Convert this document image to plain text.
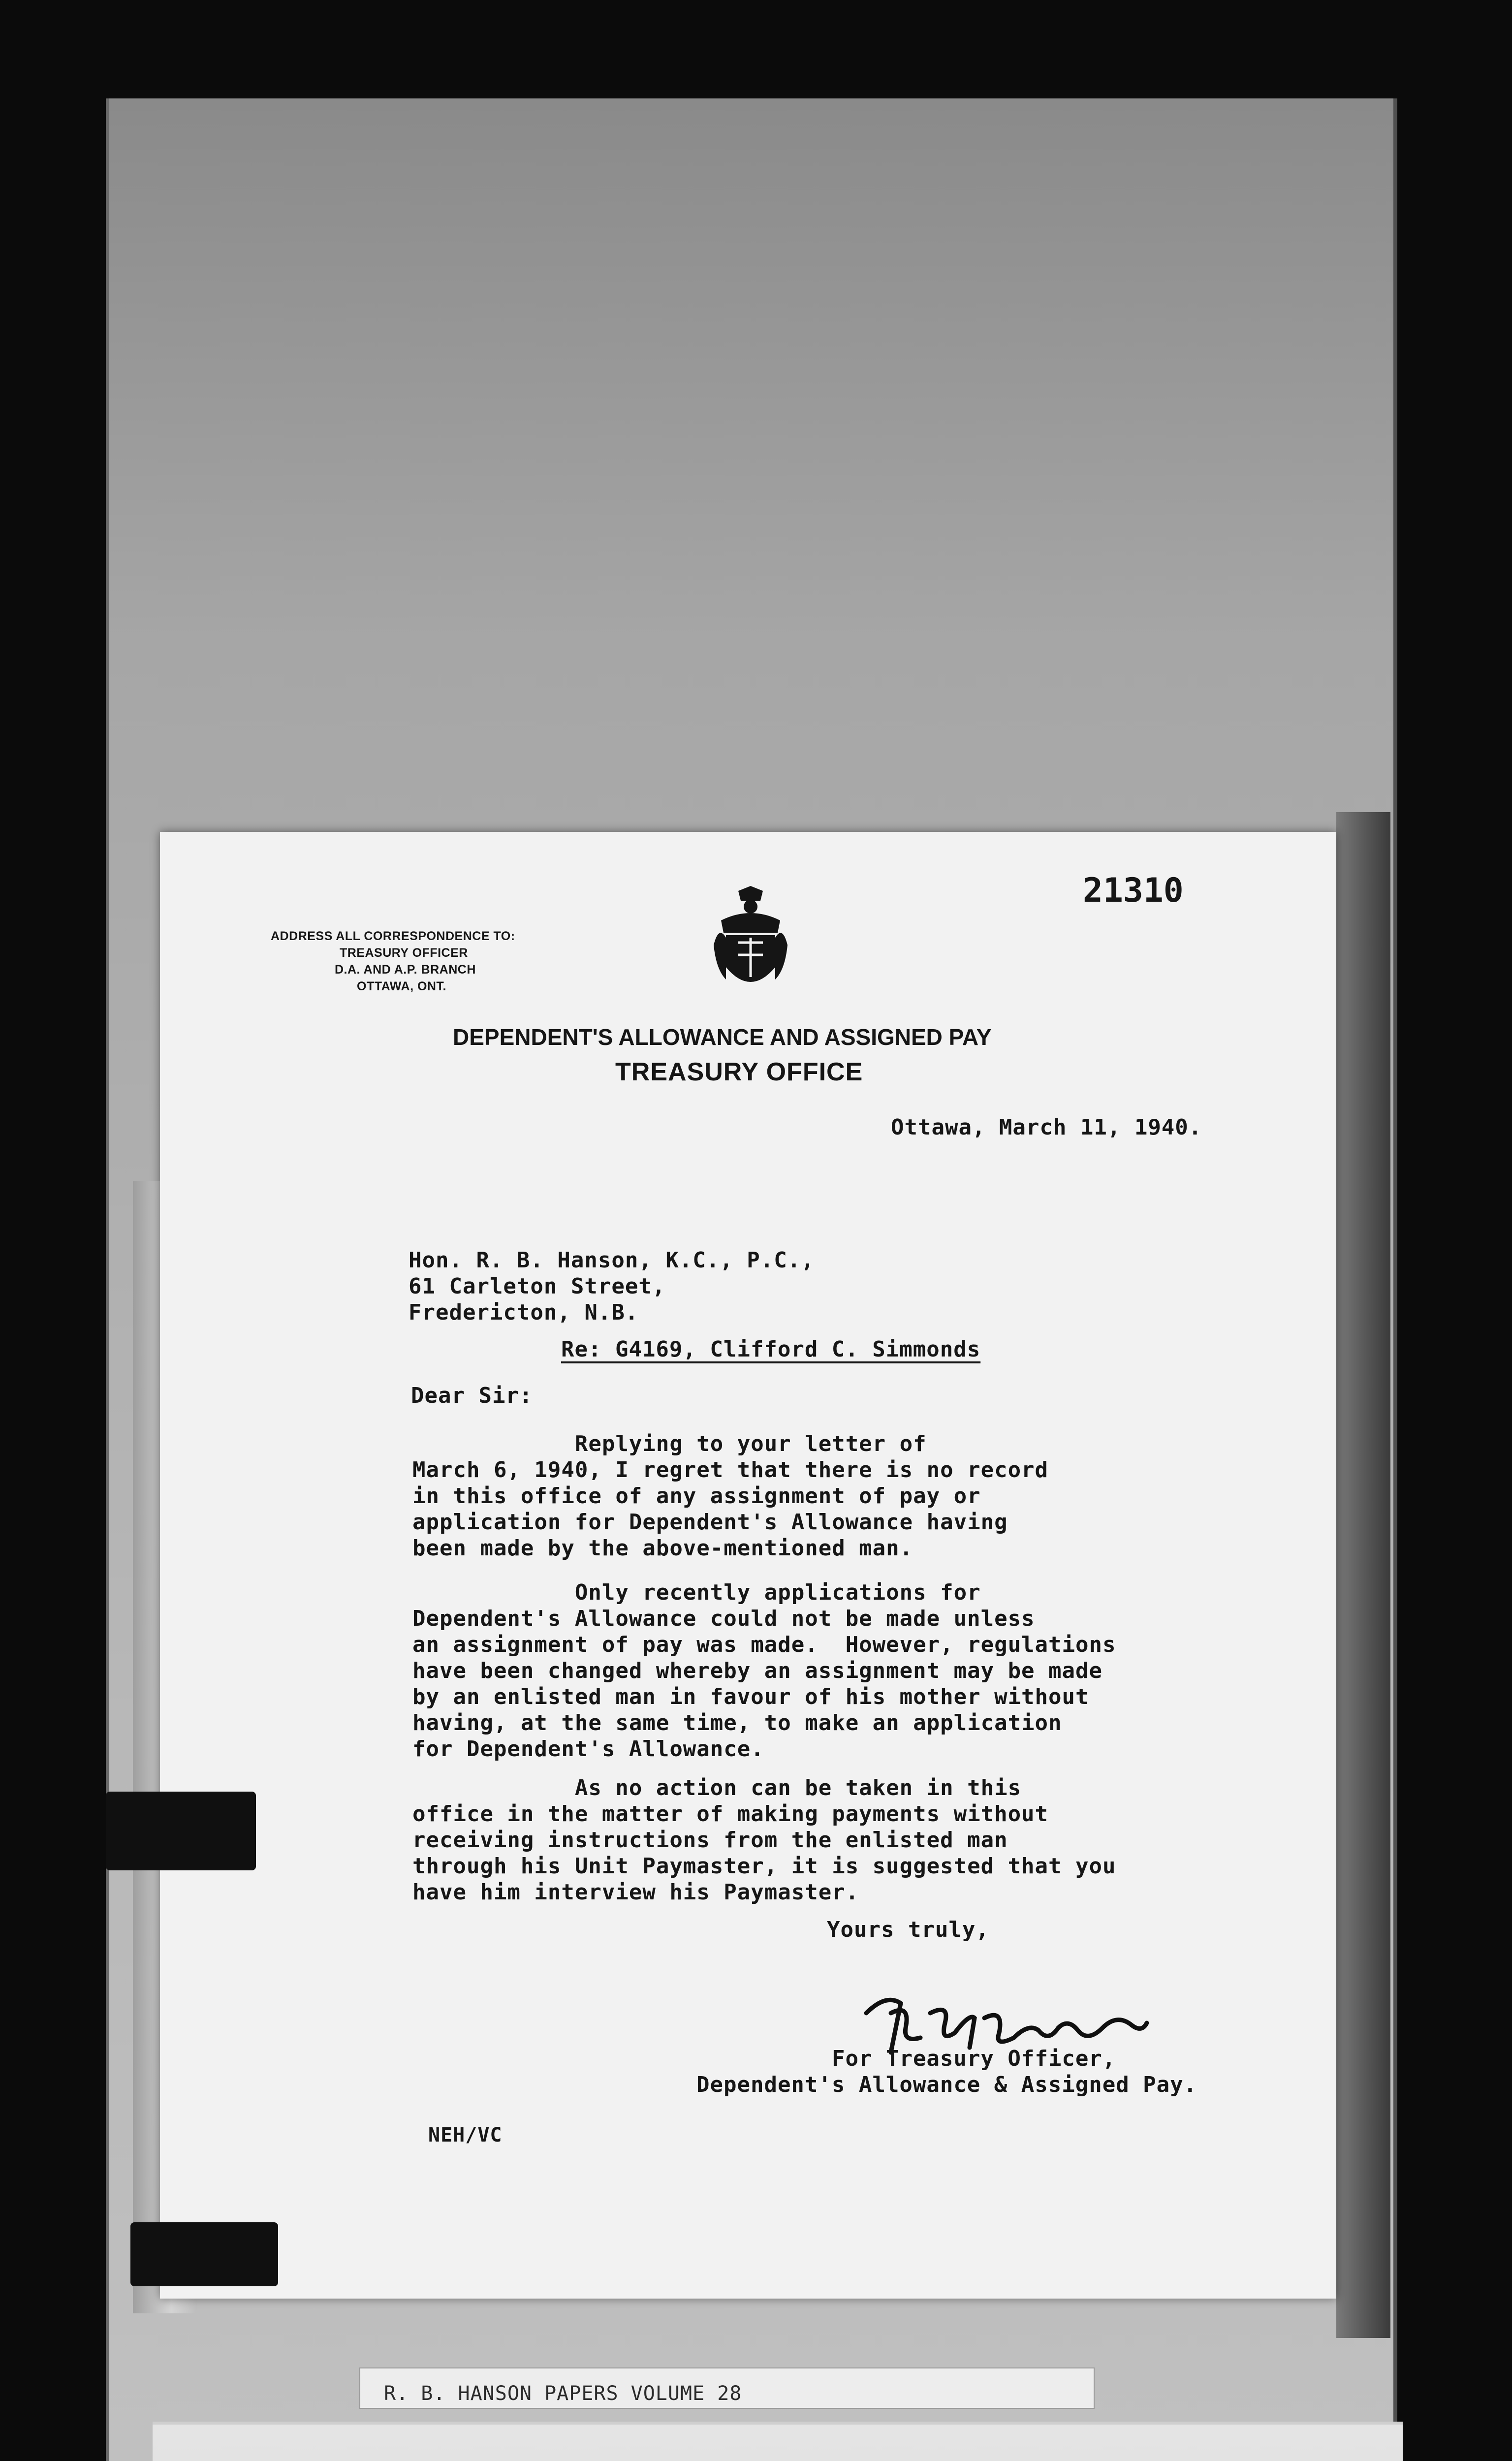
21310
ADDRESS ALL CORRESPONDENCE TO:
TREASURY OFFICER
D.A. AND A.P. BRANCH
OTTAWA, ONT.
DEPENDENT'S ALLOWANCE AND ASSIGNED PAY
TREASURY OFFICE
Ottawa, March 11, 1940.
Hon. R. B. Hanson, K.C., P.C.,
61 Carleton Street,
Fredericton, N.B.
Re: G4169, Clifford C. Simmonds
Dear Sir:
Replying to your letter of
March 6, 1940, I regret that there is no record
in this office of any assignment of pay or
application for Dependent's Allowance having
been made by the above-mentioned man.
Only recently applications for
Dependent's Allowance could not be made unless
an assignment of pay was made.  However, regulations
have been changed whereby an assignment may be made
by an enlisted man in favour of his mother without
having, at the same time, to make an application
for Dependent's Allowance.
As no action can be taken in this
office in the matter of making payments without
receiving instructions from the enlisted man
through his Unit Paymaster, it is suggested that you
have him interview his Paymaster.
Yours truly,
For Treasury Officer,
Dependent's Allowance & Assigned Pay.
NEH/VC
R. B. HANSON PAPERS VOLUME 28
